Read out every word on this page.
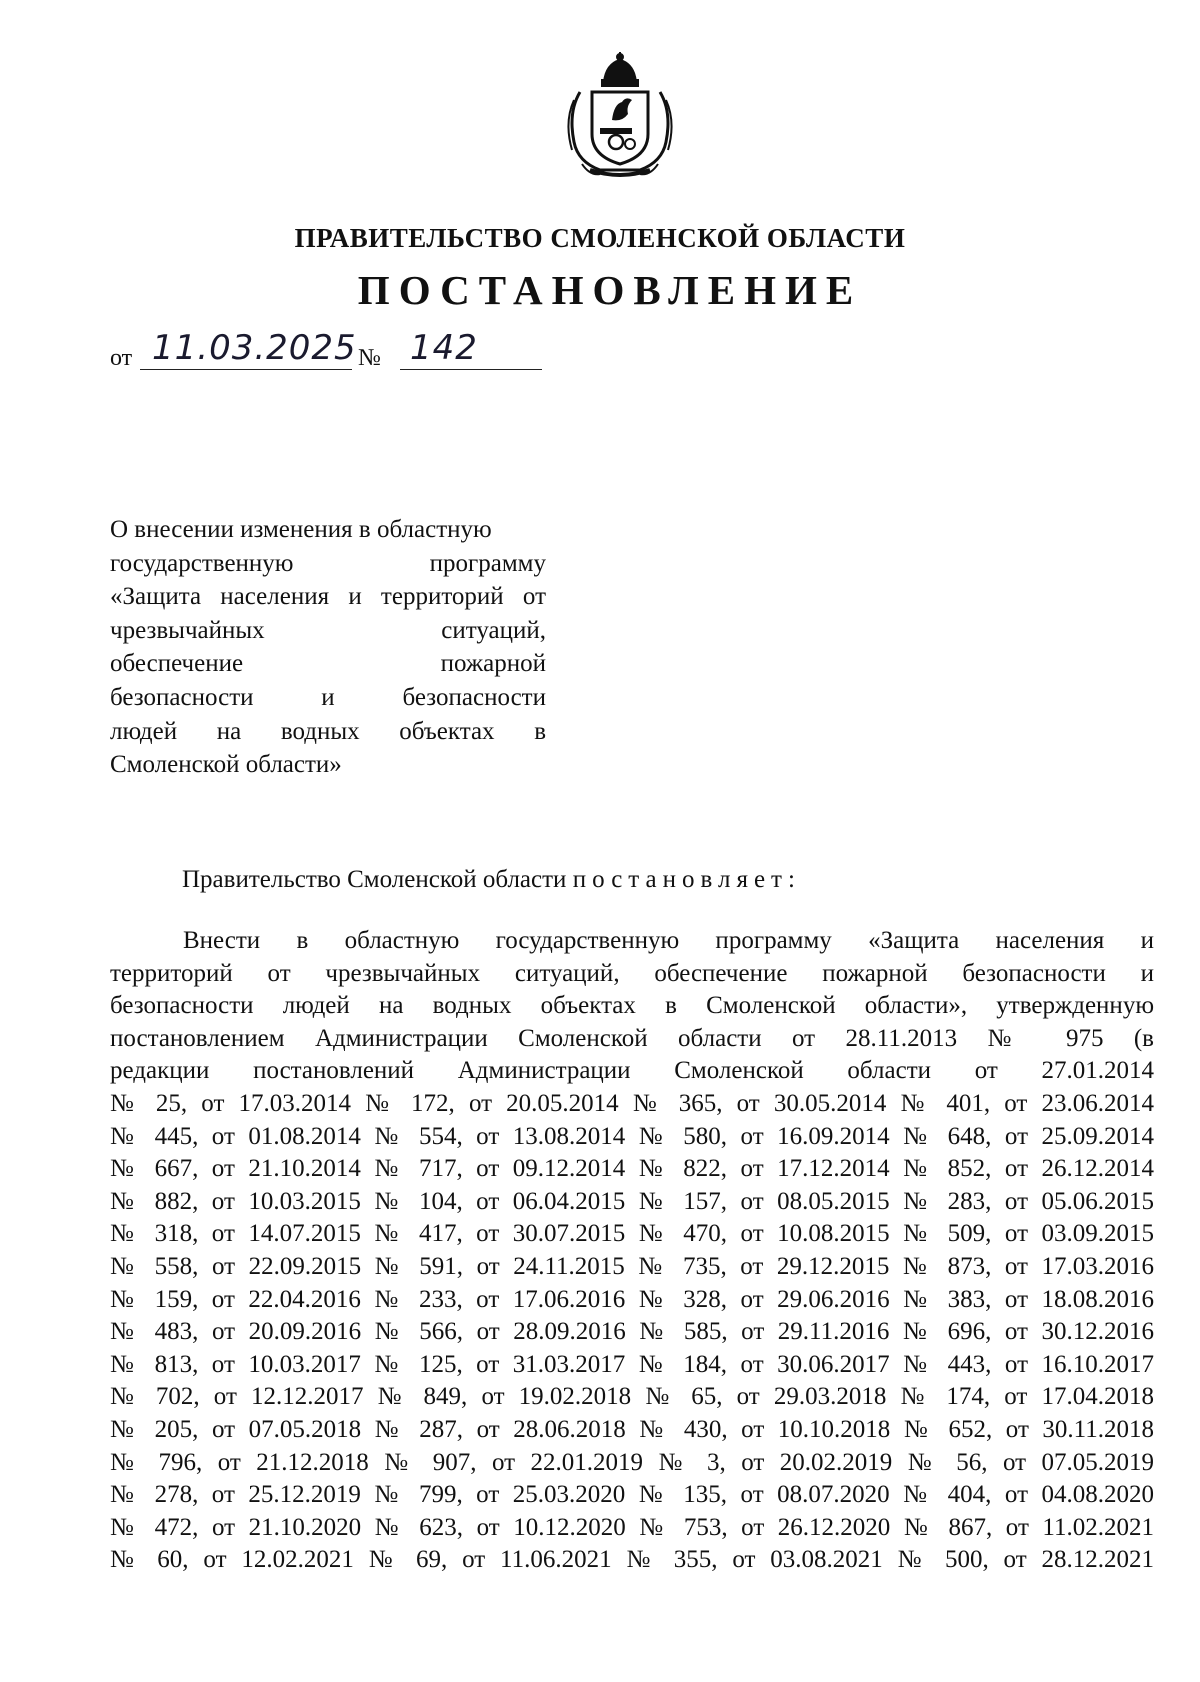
ПРАВИТЕЛЬСТВО СМОЛЕНСКОЙ ОБЛАСТИ
ПОСТАНОВЛЕНИЕ
от 11.03.2025 № 142
О внесении изменения в областную
государственную программу
«Защита населения и территорий от
чрезвычайных ситуаций,
обеспечение пожарной
безопасности и безопасности
людей на водных объектах в
Смоленской области»
Правительство Смоленской области постановляет:
Внести в областную государственную программу «Защита населения и
территорий от чрезвычайных ситуаций, обеспечение пожарной безопасности и
безопасности людей на водных объектах в Смоленской области», утвержденную
постановлением Администрации Смоленской области от 28.11.2013 № 975 (в
редакции постановлений Администрации Смоленской области от 27.01.2014
№ 25, от 17.03.2014 № 172, от 20.05.2014 № 365, от 30.05.2014 № 401, от 23.06.2014
№ 445, от 01.08.2014 № 554, от 13.08.2014 № 580, от 16.09.2014 № 648, от 25.09.2014
№ 667, от 21.10.2014 № 717, от 09.12.2014 № 822, от 17.12.2014 № 852, от 26.12.2014
№ 882, от 10.03.2015 № 104, от 06.04.2015 № 157, от 08.05.2015 № 283, от 05.06.2015
№ 318, от 14.07.2015 № 417, от 30.07.2015 № 470, от 10.08.2015 № 509, от 03.09.2015
№ 558, от 22.09.2015 № 591, от 24.11.2015 № 735, от 29.12.2015 № 873, от 17.03.2016
№ 159, от 22.04.2016 № 233, от 17.06.2016 № 328, от 29.06.2016 № 383, от 18.08.2016
№ 483, от 20.09.2016 № 566, от 28.09.2016 № 585, от 29.11.2016 № 696, от 30.12.2016
№ 813, от 10.03.2017 № 125, от 31.03.2017 № 184, от 30.06.2017 № 443, от 16.10.2017
№ 702, от 12.12.2017 № 849, от 19.02.2018 № 65, от 29.03.2018 № 174, от 17.04.2018
№ 205, от 07.05.2018 № 287, от 28.06.2018 № 430, от 10.10.2018 № 652, от 30.11.2018
№ 796, от 21.12.2018 № 907, от 22.01.2019 № 3, от 20.02.2019 № 56, от 07.05.2019
№ 278, от 25.12.2019 № 799, от 25.03.2020 № 135, от 08.07.2020 № 404, от 04.08.2020
№ 472, от 21.10.2020 № 623, от 10.12.2020 № 753, от 26.12.2020 № 867, от 11.02.2021
№ 60, от 12.02.2021 № 69, от 11.06.2021 № 355, от 03.08.2021 № 500, от 28.12.2021
